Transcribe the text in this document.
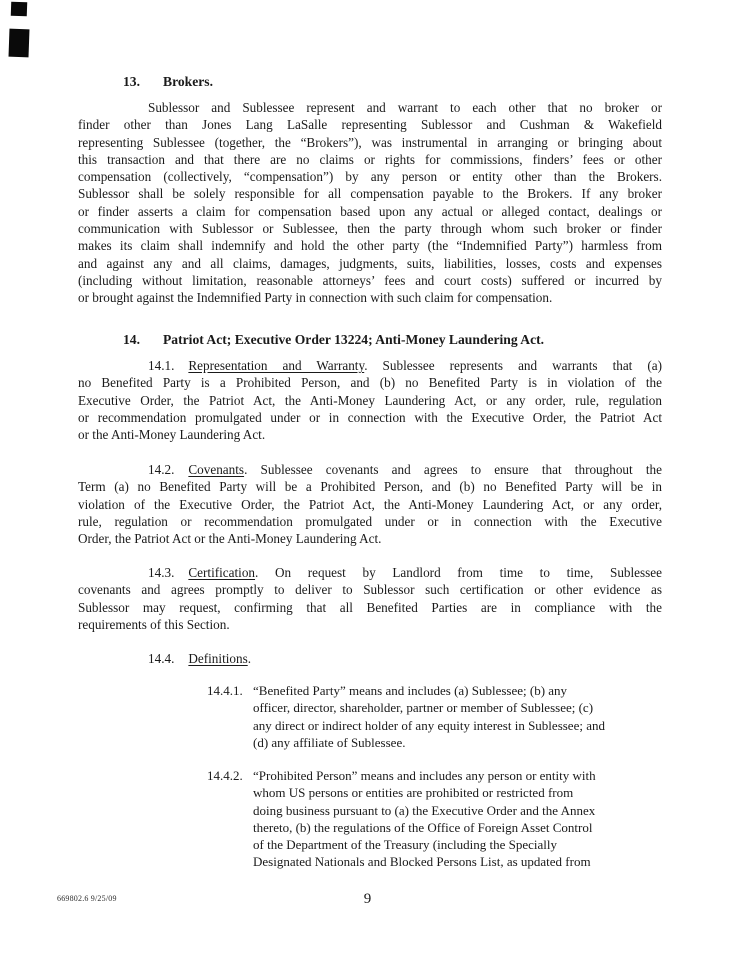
13. Brokers.
Sublessor and Sublessee represent and warrant to each other that no broker or
finder other than Jones Lang LaSalle representing Sublessor and Cushman & Wakefield
representing Sublessee (together, the “Brokers”), was instrumental in arranging or bringing about
this transaction and that there are no claims or rights for commissions, finders’ fees or other
compensation (collectively, “compensation”) by any person or entity other than the Brokers.
Sublessor shall be solely responsible for all compensation payable to the Brokers. If any broker
or finder asserts a claim for compensation based upon any actual or alleged contact, dealings or
communication with Sublessor or Sublessee, then the party through whom such broker or finder
makes its claim shall indemnify and hold the other party (the “Indemnified Party”) harmless from
and against any and all claims, damages, judgments, suits, liabilities, losses, costs and expenses
(including without limitation, reasonable attorneys’ fees and court costs) suffered or incurred by
or brought against the Indemnified Party in connection with such claim for compensation.
14. Patriot Act; Executive Order 13224; Anti-Money Laundering Act.
14.1. Representation and Warranty. Sublessee represents and warrants that (a)
no Benefited Party is a Prohibited Person, and (b) no Benefited Party is in violation of the
Executive Order, the Patriot Act, the Anti-Money Laundering Act, or any order, rule, regulation
or recommendation promulgated under or in connection with the Executive Order, the Patriot Act
or the Anti-Money Laundering Act.
14.2. Covenants. Sublessee covenants and agrees to ensure that throughout the
Term (a) no Benefited Party will be a Prohibited Person, and (b) no Benefited Party will be in
violation of the Executive Order, the Patriot Act, the Anti-Money Laundering Act, or any order,
rule, regulation or recommendation promulgated under or in connection with the Executive
Order, the Patriot Act or the Anti-Money Laundering Act.
14.3. Certification. On request by Landlord from time to time, Sublessee
covenants and agrees promptly to deliver to Sublessor such certification or other evidence as
Sublessor may request, confirming that all Benefited Parties are in compliance with the
requirements of this Section.
14.4. Definitions.
14.4.1. “Benefited Party” means and includes (a) Sublessee; (b) any
officer, director, shareholder, partner or member of Sublessee; (c)
any direct or indirect holder of any equity interest in Sublessee; and
(d) any affiliate of Sublessee.
14.4.2. “Prohibited Person” means and includes any person or entity with
whom US persons or entities are prohibited or restricted from
doing business pursuant to (a) the Executive Order and the Annex
thereto, (b) the regulations of the Office of Foreign Asset Control
of the Department of the Treasury (including the Specially
Designated Nationals and Blocked Persons List, as updated from
669802.6 9/25/09	9
